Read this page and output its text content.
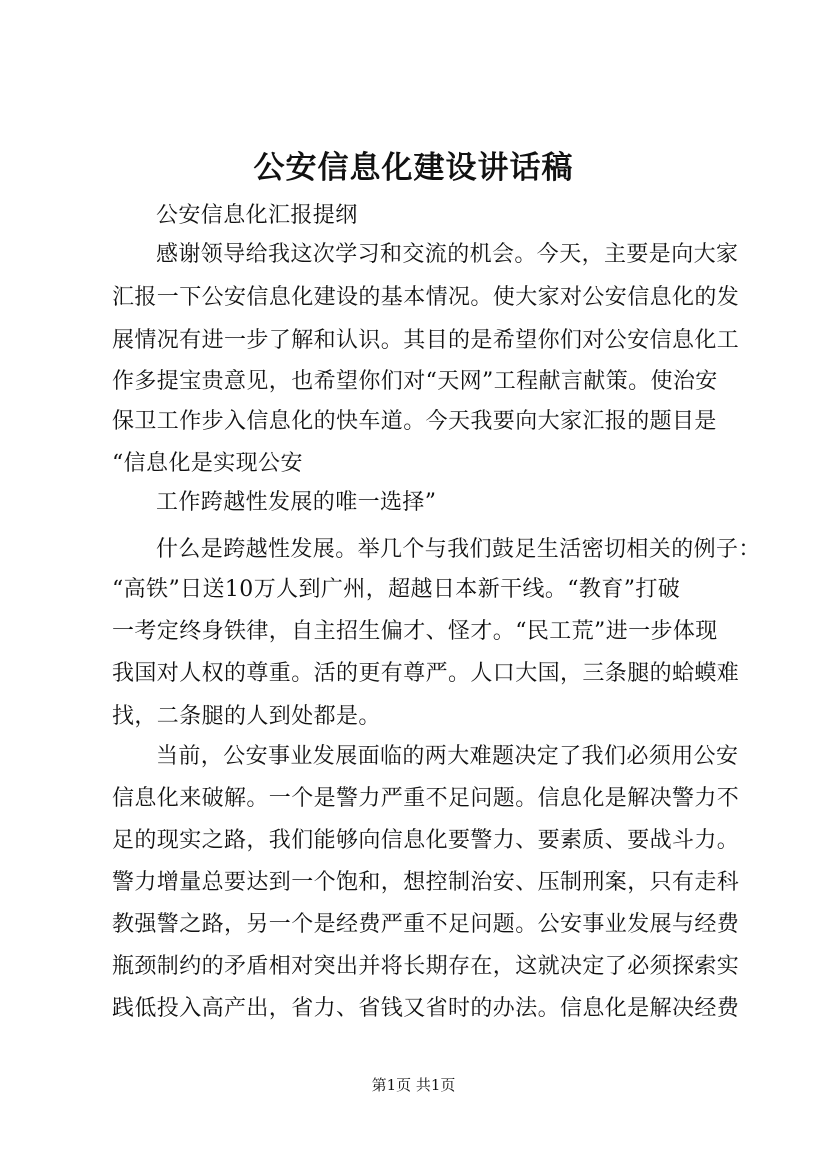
公安信息化建设讲话稿
公安信息化汇报提纲
感谢领导给我这次学习和交流的机会。今天，主要是向大家
汇报一下公安信息化建设的基本情况。使大家对公安信息化的发
展情况有进一步了解和认识。其目的是希望你们对公安信息化工
作多提宝贵意见，也希望你们对“天网”工程献言献策。使治安
保卫工作步入信息化的快车道。今天我要向大家汇报的题目是
“信息化是实现公安
工作跨越性发展的唯一选择”
什么是跨越性发展。举几个与我们鼓足生活密切相关的例子：
“高铁”日送10万人到广州，超越日本新干线。“教育”打破
一考定终身铁律，自主招生偏才、怪才。“民工荒”进一步体现
我国对人权的尊重。活的更有尊严。人口大国，三条腿的蛤蟆难
找，二条腿的人到处都是。
当前，公安事业发展面临的两大难题决定了我们必须用公安
信息化来破解。一个是警力严重不足问题。信息化是解决警力不
足的现实之路，我们能够向信息化要警力、要素质、要战斗力。
警力增量总要达到一个饱和，想控制治安、压制刑案，只有走科
教强警之路，另一个是经费严重不足问题。公安事业发展与经费
瓶颈制约的矛盾相对突出并将长期存在，这就决定了必须探索实
践低投入高产出，省力、省钱又省时的办法。信息化是解决经费
第1页 共1页
